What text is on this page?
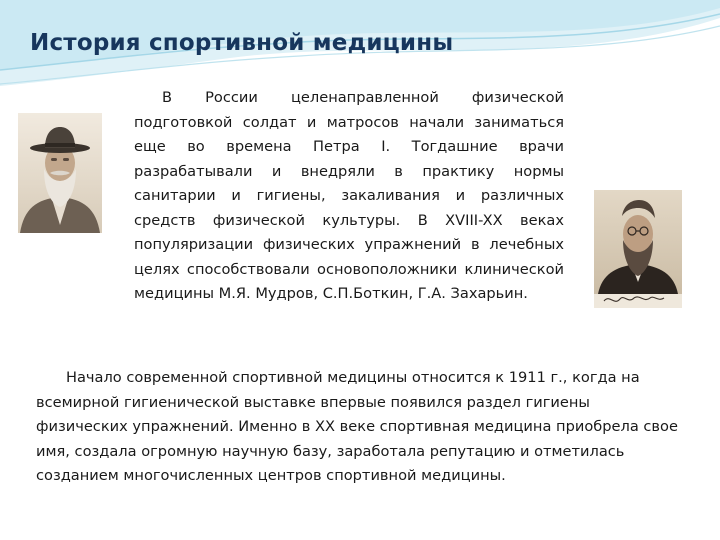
История спортивной медицины

В России целенаправленной физической подготовкой солдат и матросов начали заниматься еще во времена Петра I. Тогдашние врачи разрабатывали и внедряли в практику нормы санитарии и гигиены, закаливания и различных средств физической культуры. В XVIII-XX веках популяризации физических упражнений в лечебных целях способствовали основоположники клинической медицины М.Я. Мудров, С.П.Боткин, Г.А. Захарьин.

Начало современной спортивной медицины относится к 1911 г., когда на всемирной гигиенической выставке впервые появился раздел гигиены физических упражнений. Именно в XX веке спортивная медицина приобрела свое имя, создала огромную научную базу, заработала репутацию и отметилась созданием многочисленных центров спортивной медицины.
